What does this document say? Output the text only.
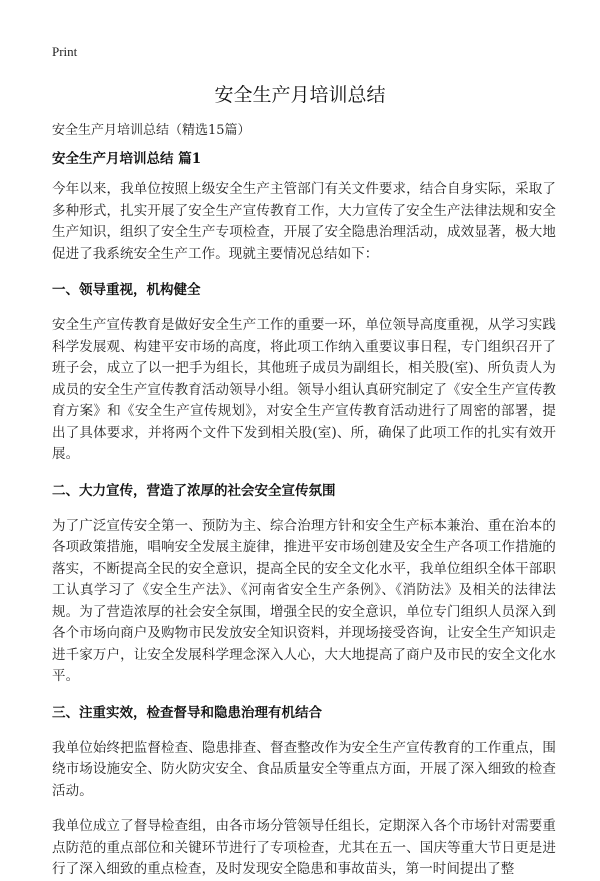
Print
安全生产月培训总结
安全生产月培训总结（精选15篇）

安全生产月培训总结 篇1

今年以来，我单位按照上级安全生产主管部门有关文件要求，结合自身实际，采取了多种形式，扎实开展了安全生产宣传教育工作，大力宣传了安全生产法律法规和安全生产知识，组织了安全生产专项检查，开展了安全隐患治理活动，成效显著，极大地促进了我系统安全生产工作。现就主要情况总结如下：

一、领导重视，机构健全

安全生产宣传教育是做好安全生产工作的重要一环，单位领导高度重视，从学习实践科学发展观、构建平安市场的高度，将此项工作纳入重要议事日程，专门组织召开了班子会，成立了以一把手为组长，其他班子成员为副组长，相关股(室)、所负责人为成员的安全生产宣传教育活动领导小组。领导小组认真研究制定了《安全生产宣传教育方案》和《安全生产宣传规划》，对安全生产宣传教育活动进行了周密的部署，提出了具体要求，并将两个文件下发到相关股(室)、所，确保了此项工作的扎实有效开展。

二、大力宣传，营造了浓厚的社会安全宣传氛围

为了广泛宣传安全第一、预防为主、综合治理方针和安全生产标本兼治、重在治本的各项政策措施，唱响安全发展主旋律，推进平安市场创建及安全生产各项工作措施的落实，不断提高全民的安全意识，提高全民的安全文化水平，我单位组织全体干部职工认真学习了《安全生产法》、《河南省安全生产条例》、《消防法》及相关的法律法规。为了营造浓厚的社会安全氛围，增强全民的安全意识，单位专门组织人员深入到各个市场向商户及购物市民发放安全知识资料，并现场接受咨询，让安全生产知识走进千家万户，让安全发展科学理念深入人心，大大地提高了商户及市民的安全文化水平。

三、注重实效，检查督导和隐患治理有机结合

我单位始终把监督检查、隐患排查、督查整改作为安全生产宣传教育的工作重点，围绕市场设施安全、防火防灾安全、食品质量安全等重点方面，开展了深入细致的检查活动。

我单位成立了督导检查组，由各市场分管领导任组长，定期深入各个市场针对需要重点防范的重点部位和关键环节进行了专项检查，尤其在五一、国庆等重大节日更是进行了深入细致的重点检查，及时发现安全隐患和事故苗头，第一时间提出了整
